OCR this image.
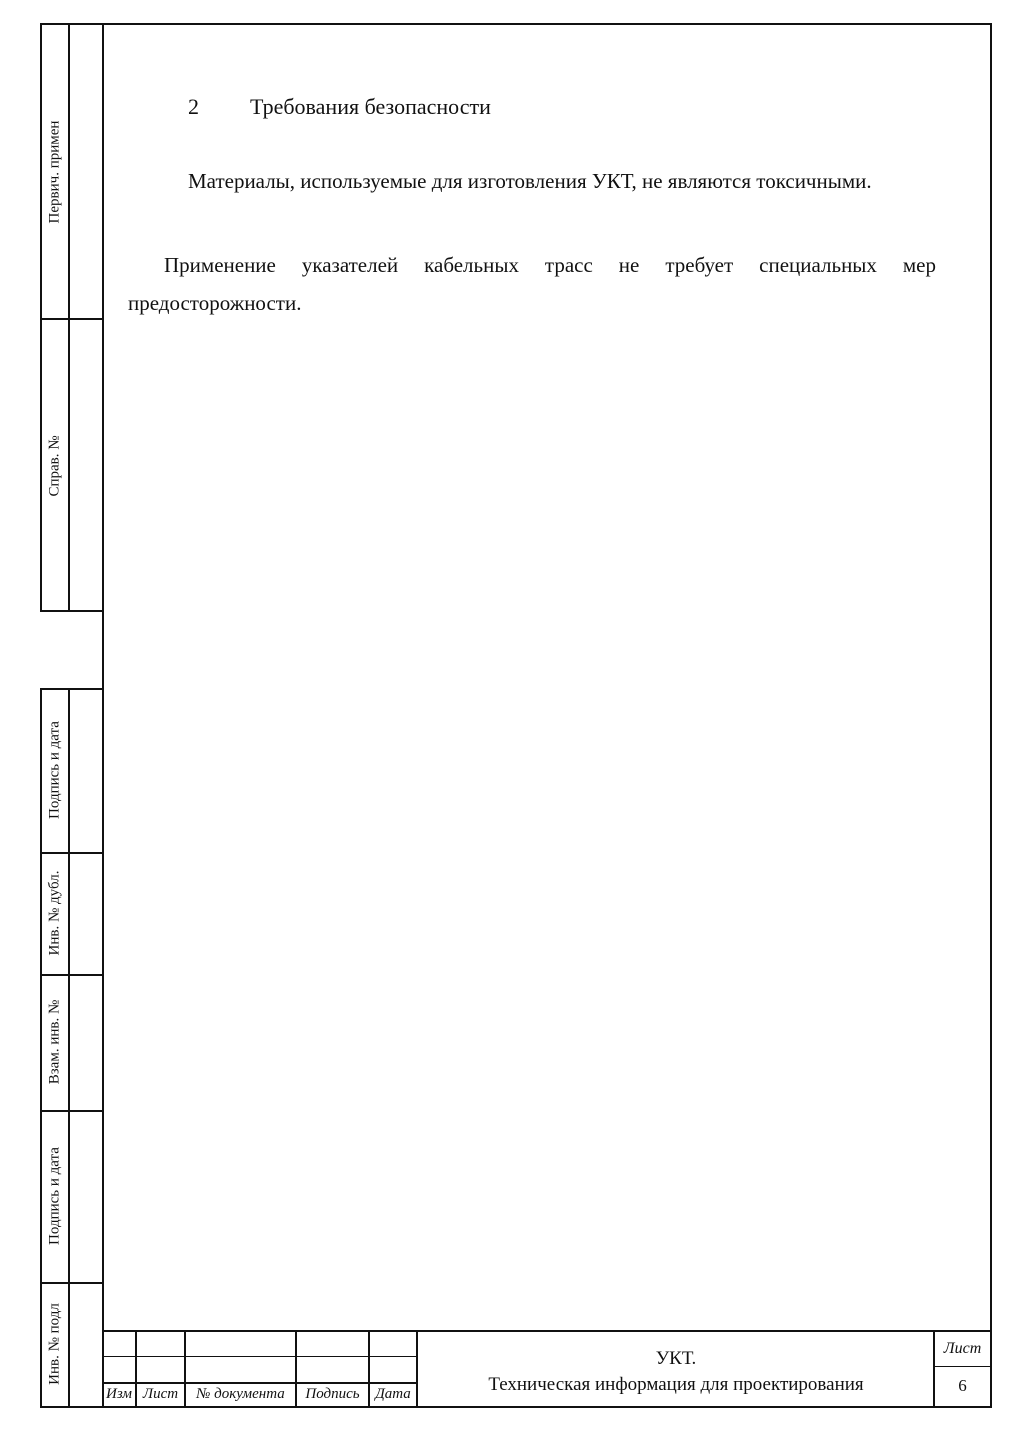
Первич. примен
Справ. №
Подпись и дата
Инв. № дубл.
Взам. инв. №
Подпись и дата
Инв. № подл
2 Требования безопасности
Материалы, используемые для изготовления УКТ, не являются токсичными.
Применение указателей кабельных трасс не требует специальных мер предосторожности.
Изм Лист	№ документа	Подпись	Дата
УКТ.
Техническая информация для проектирования
Лист
6
